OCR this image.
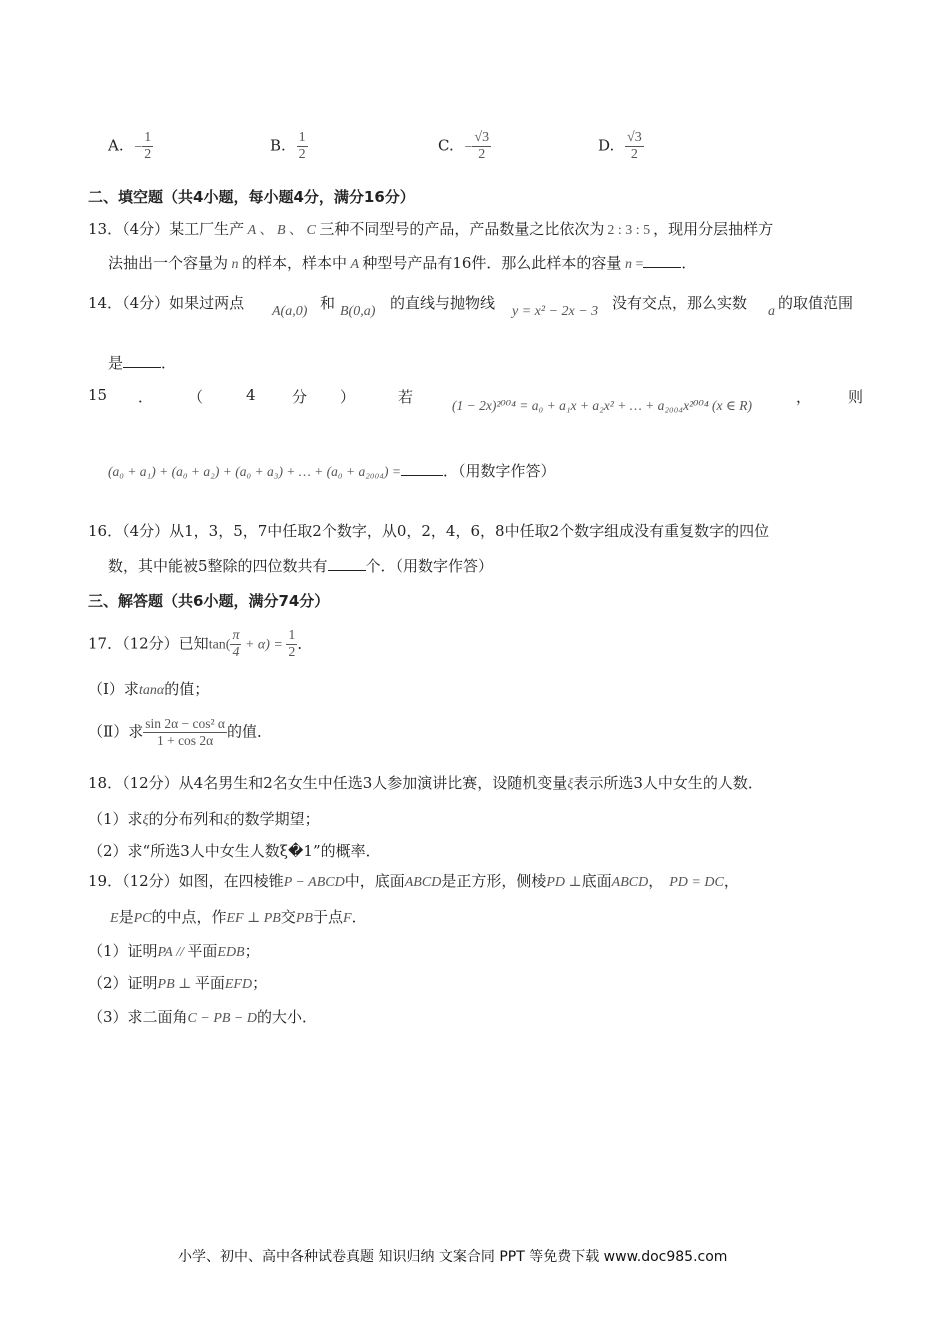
A. − $\frac{1}{2}$	B. $\frac{1}{2}$	C. − $\frac{√3}{2}$	D. $\frac{√3}{2}$
二、填空题（共4小题，每小题4分，满分16分）
13．（4分）某工厂生产 A 、 B 、 C 三种不同型号的产品，产品数量之比依次为 2 : 3 : 5 ，现用分层抽样方
法抽出一个容量为 n 的样本，样本中 A 种型号产品有16件．那么此样本的容量 n =	．
14．（4分）如果过两点 A(a,0) 和 B(0,a) 的直线与抛物线 y = x² − 2x − 3 没有交点，那么实数 a 的取值范围
是	．
15 ． （	4 分 ）	若	(1 − 2x)²⁰⁰⁴ = a₀ + a₁x + a₂x² + … + a₂₀₀₄x²⁰⁰⁴ (x ∈ R)	， 则
(a₀ + a₁) + (a₀ + a₂) + (a₀ + a₃) + … + (a₀ + a₂₀₀₄) =	．（用数字作答）
16．（4分）从1，3，5，7中任取2个数字，从0，2，4，6，8中任取2个数字组成没有重复数字的四位
数，其中能被5整除的四位数共有	个．（用数字作答）
三、解答题（共6小题，满分74分）
17．（12分）已知$\tan( \frac{\pi}{4} + \alpha) = \frac{1}{2}$ ．
（Ⅰ）求tanα的值；
（Ⅱ）求 $\frac{\text{sin 2α − cos² α}}{1 + \cos 2\alpha}$ 的值．
18．（12分）从4名男生和2名女生中任选3人参加演讲比赛，设随机变量ξ表示所选3人中女生的人数．
（1）求ξ的分布列和ξ的数学期望；
（2）求“所选3人中女生人数ξ�1”的概率．
19．（12分）如图，在四棱锥P − ABCD中，底面ABCD是正方形，侧棱PD ⊥底面ABCD， PD = DC，
E是PC的中点，作EF ⊥ PB交PB于点F．
（1）证明PA // 平面EDB；
（2）证明PB ⊥ 平面EFD；
（3）求二面角C − PB − D的大小．
小学、初中、高中各种试卷真题 知识归纳 文案合同 PPT 等免费下载 www.doc985.com
